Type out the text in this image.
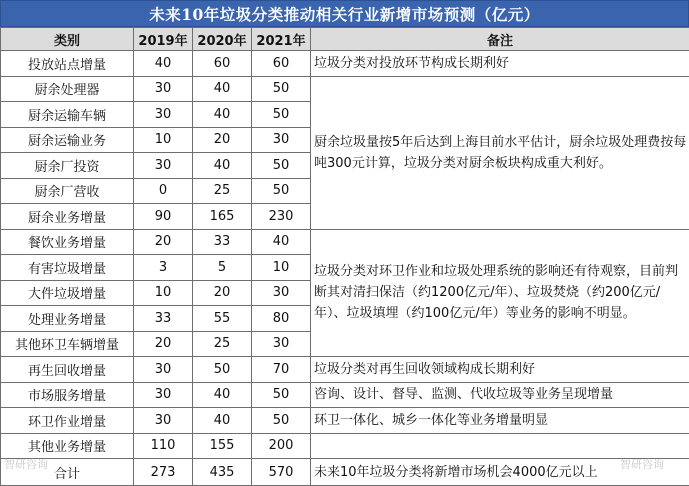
未来10年垃圾分类推动相关行业新增市场预测（亿元）
类别	2019年	2020年	2021年	备注
投放站点增量	40	60	60	垃圾分类对投放环节构成长期利好
厨余处理器	30	40	50	厨余垃圾量按5年后达到上海目前水平估计，厨余垃圾处理费按每吨300元计算，垃圾分类对厨余板块构成重大利好。
厨余运输车辆	30	40	50	
厨余运输业务	10	20	30	
厨余厂投资	30	40	50	
厨余厂营收	0	25	50	
厨余业务增量	90	165	230	
餐饮业务增量	20	33	40	垃圾分类对环卫作业和垃圾处理系统的影响还有待观察，目前判断其对清扫保洁（约1200亿元/年）、垃圾焚烧（约200亿元/年）、垃圾填埋（约100亿元/年）等业务的影响不明显。
有害垃圾增量	3	5	10	
大件垃圾增量	10	20	30	
处理业务增量	33	55	80	
其他环卫车辆增量	20	25	30	
再生回收增量	30	50	70	垃圾分类对再生回收领域构成长期利好
市场服务增量	30	40	50	咨询、设计、督导、监测、代收垃圾等业务呈现增量
环卫作业增量	30	40	50	环卫一体化、城乡一体化等业务增量明显
其他业务增量	110	155	200	
合计	273	435	570	未来10年垃圾分类将新增市场机会4000亿元以上
智研咨询	智研咨询
